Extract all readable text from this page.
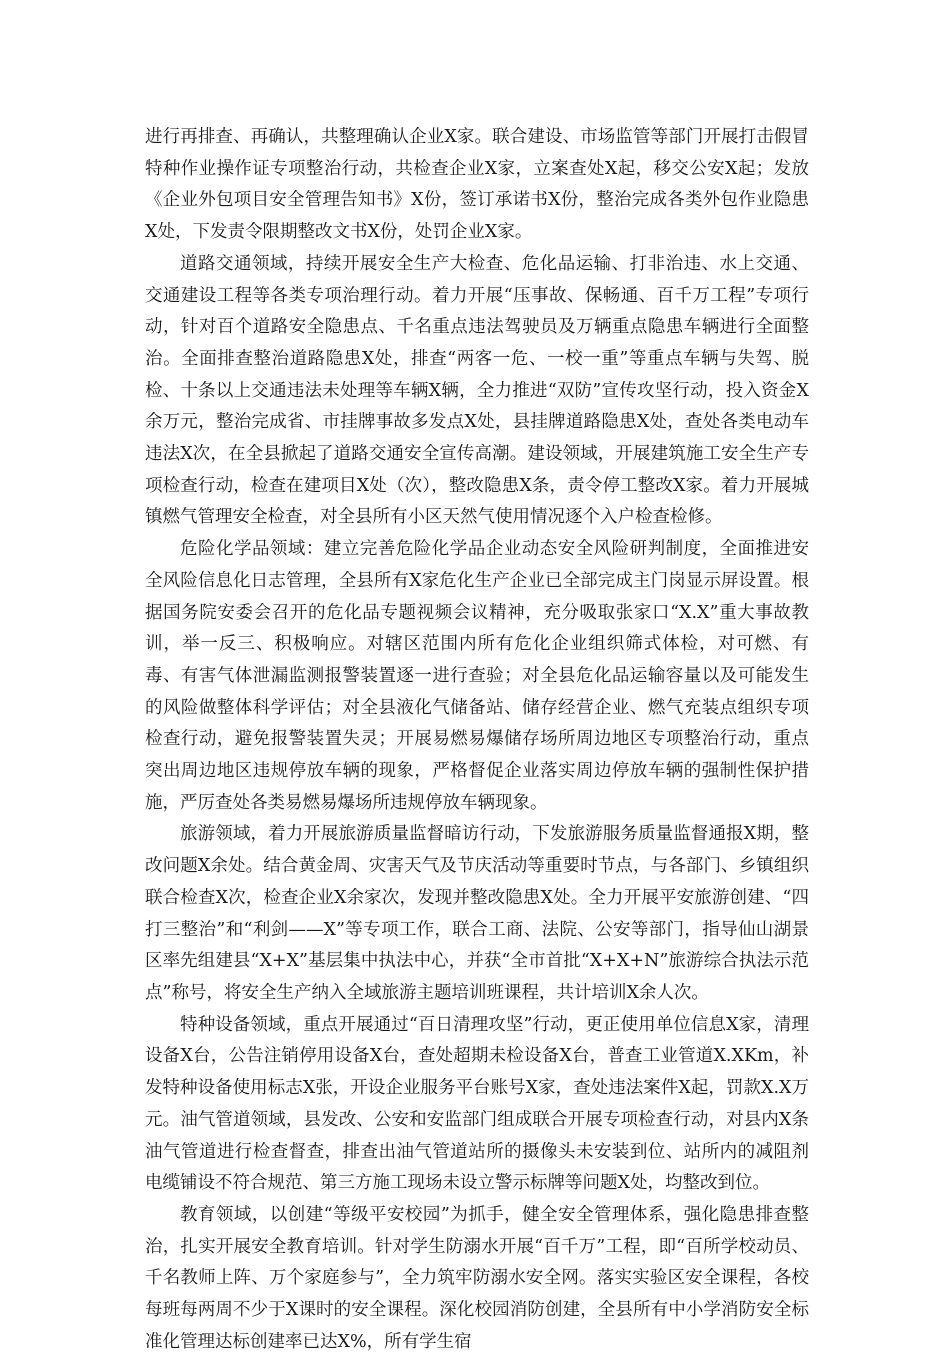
进行再排查、再确认，共整理确认企业X家。联合建设、市场监管等部门开展打击假冒特种作业操作证专项整治行动，共检查企业X家，立案查处X起，移交公安X起；发放《企业外包项目安全管理告知书》X份，签订承诺书X份，整治完成各类外包作业隐患X处，下发责令限期整改文书X份，处罚企业X家。

道路交通领域，持续开展安全生产大检查、危化品运输、打非治违、水上交通、交通建设工程等各类专项治理行动。着力开展“压事故、保畅通、百千万工程”专项行动，针对百个道路安全隐患点、千名重点违法驾驶员及万辆重点隐患车辆进行全面整治。全面排查整治道路隐患X处，排查“两客一危、一校一重”等重点车辆与失驾、脱检、十条以上交通违法未处理等车辆X辆，全力推进“双防”宣传攻坚行动，投入资金X余万元，整治完成省、市挂牌事故多发点X处，县挂牌道路隐患X处，查处各类电动车违法X次，在全县掀起了道路交通安全宣传高潮。建设领域，开展建筑施工安全生产专项检查行动，检查在建项目X处（次），整改隐患X条，责令停工整改X家。着力开展城镇燃气管理安全检查，对全县所有小区天然气使用情况逐个入户检查检修。

危险化学品领域：建立完善危险化学品企业动态安全风险研判制度，全面推进安全风险信息化日志管理，全县所有X家危化生产企业已全部完成主门岗显示屏设置。根据国务院安委会召开的危化品专题视频会议精神，充分吸取张家口“X.X”重大事故教训，举一反三、积极响应。对辖区范围内所有危化企业组织筛式体检，对可燃、有毒、有害气体泄漏监测报警装置逐一进行查验；对全县危化品运输容量以及可能发生的风险做整体科学评估；对全县液化气储备站、储存经营企业、燃气充装点组织专项检查行动，避免报警装置失灵；开展易燃易爆储存场所周边地区专项整治行动，重点突出周边地区违规停放车辆的现象，严格督促企业落实周边停放车辆的强制性保护措施，严厉查处各类易燃易爆场所违规停放车辆现象。

旅游领域，着力开展旅游质量监督暗访行动，下发旅游服务质量监督通报X期，整改问题X余处。结合黄金周、灾害天气及节庆活动等重要时节点，与各部门、乡镇组织联合检查X次，检查企业X余家次，发现并整改隐患X处。全力开展平安旅游创建、“四打三整治”和“利剑——X”等专项工作，联合工商、法院、公安等部门，指导仙山湖景区率先组建县“X+X”基层集中执法中心，并获“全市首批“X+X+N”旅游综合执法示范点”称号，将安全生产纳入全域旅游主题培训班课程，共计培训X余人次。

特种设备领域，重点开展通过“百日清理攻坚”行动，更正使用单位信息X家，清理设备X台，公告注销停用设备X台，查处超期未检设备X台，普查工业管道X.XKm，补发特种设备使用标志X张，开设企业服务平台账号X家，查处违法案件X起，罚款X.X万元。油气管道领域，县发改、公安和安监部门组成联合开展专项检查行动，对县内X条油气管道进行检查督查，排查出油气管道站所的摄像头未安装到位、站所内的减阻剂电缆铺设不符合规范、第三方施工现场未设立警示标牌等问题X处，均整改到位。

教育领域，以创建“等级平安校园”为抓手，健全安全管理体系，强化隐患排查整治，扎实开展安全教育培训。针对学生防溺水开展“百千万”工程，即“百所学校动员、千名教师上阵、万个家庭参与”，全力筑牢防溺水安全网。落实实验区安全课程，各校每班每两周不少于X课时的安全课程。深化校园消防创建，全县所有中小学消防安全标准化管理达标创建率已达X%，所有学生宿
